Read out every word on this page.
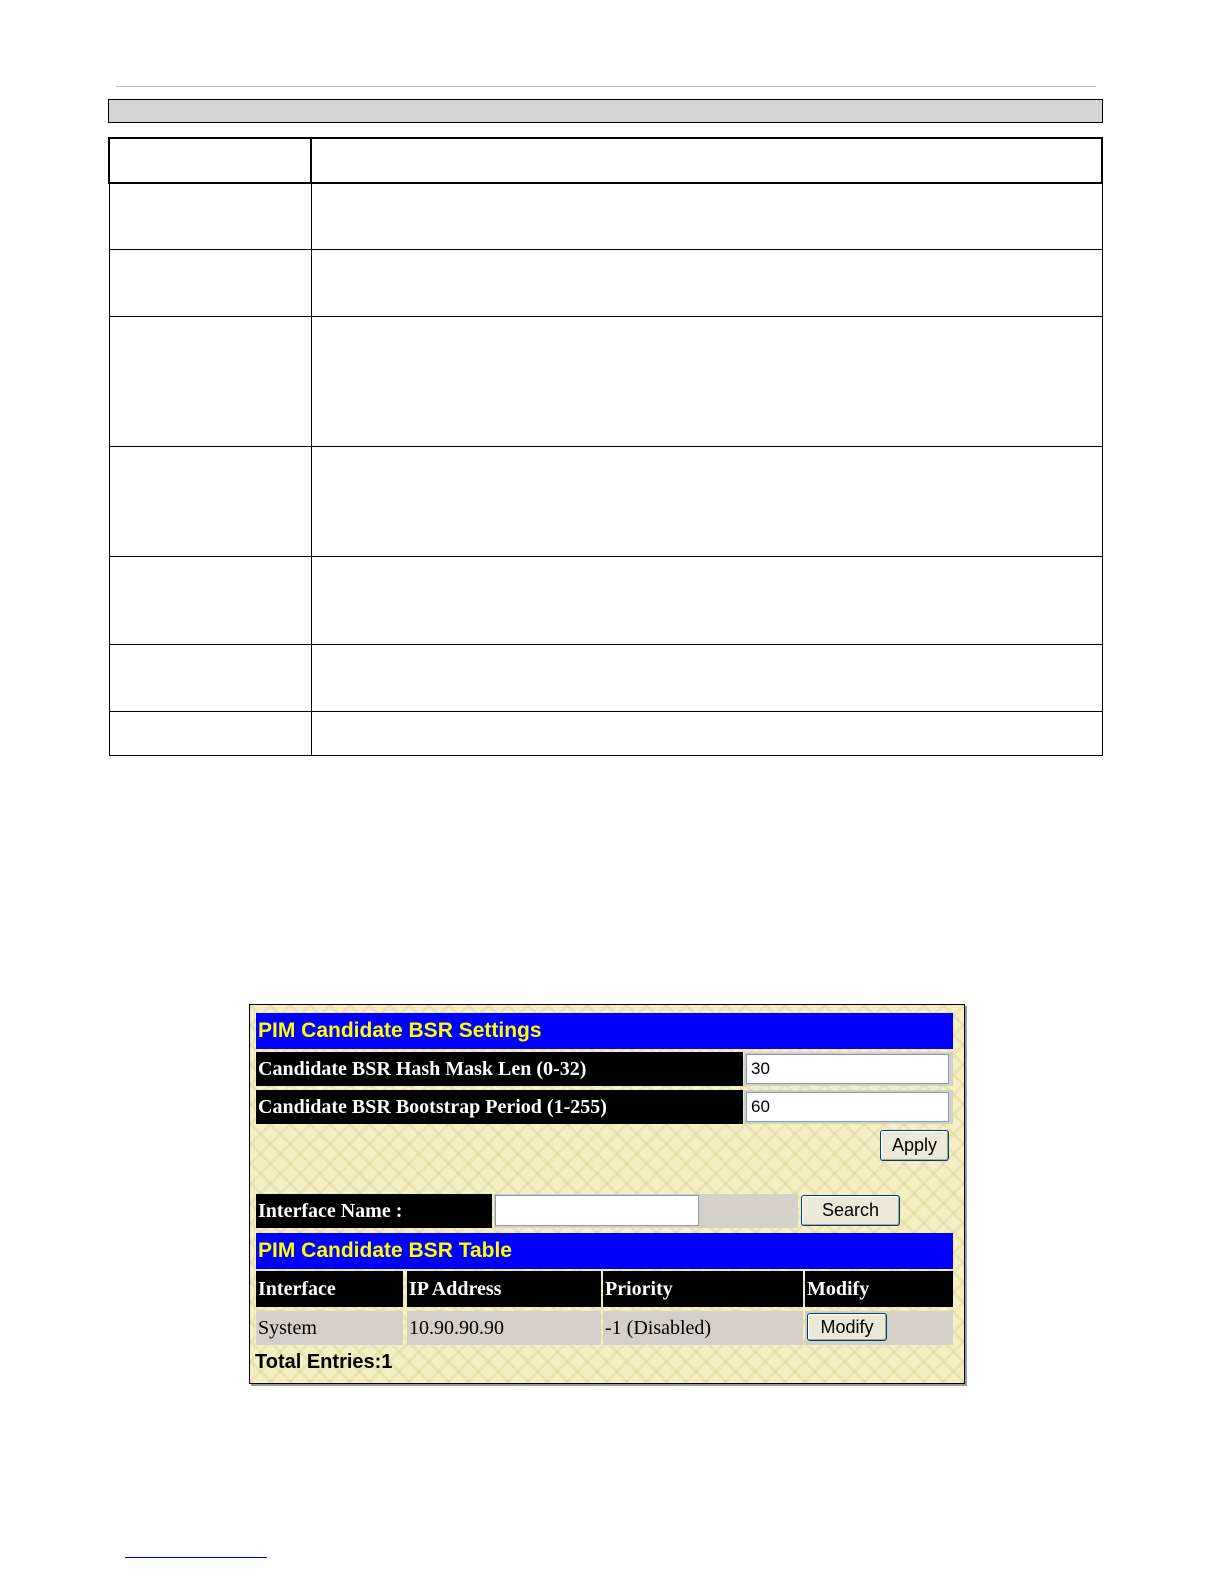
PIM Candidate BSR Settings
Candidate BSR Hash Mask Len (0-32)	30
Candidate BSR Bootstrap Period (1-255)	60
Apply
Interface Name :	Search
PIM Candidate BSR Table
Interface	IP Address	Priority	Modify
System	10.90.90.90	-1 (Disabled)	Modify
Total Entries:1
